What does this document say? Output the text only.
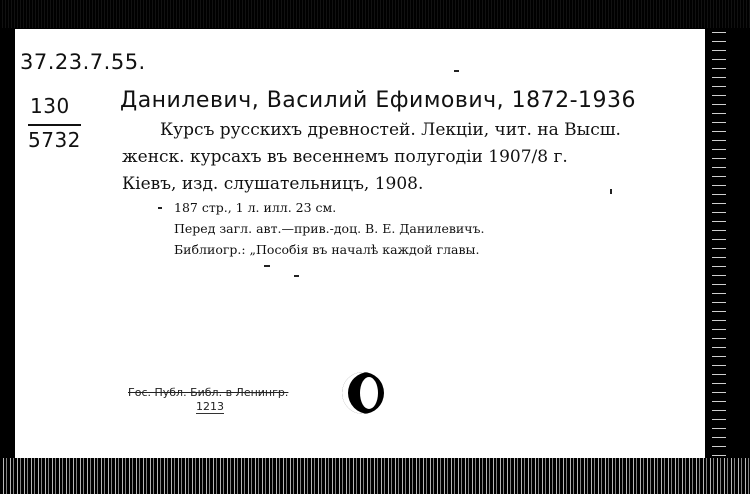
37.23.7.55.
130
5732
Данилевич, Василий Ефимович, 1872-1936
Курсъ русскихъ древностей. Лекціи, чит. на Высш.
женск. курсахъ въ весеннемъ полугодіи 1907/8 г.
Кіевъ, изд. слушательницъ, 1908.
187 стр., 1 л. илл. 23 см.
Перед загл. авт.—прив.-доц. В. Е. Данилевичъ.
Библиогр.: „Пособія въ началѣ каждой главы.
Гос. Публ. Библ. в Ленингр.
1213
